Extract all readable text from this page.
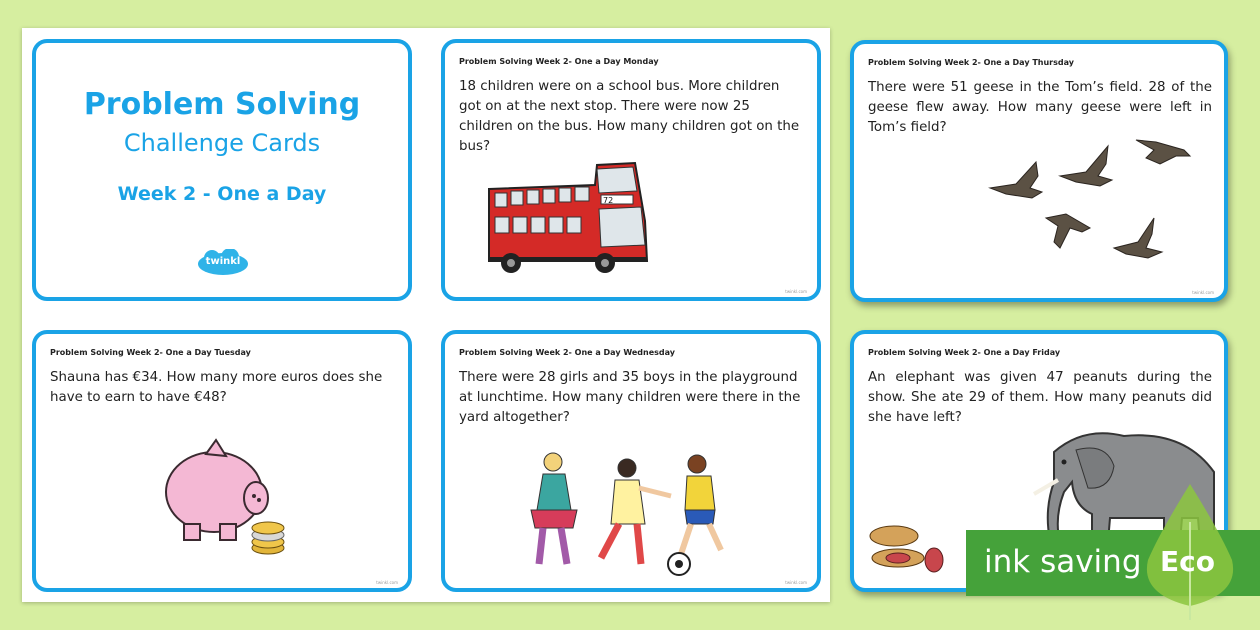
Problem Solving
Challenge Cards
Week 2 - One a Day
twinkl
Problem Solving Week 2- One a Day Monday
18 children were on a school bus. More children got on at the next stop. There were now 25 children on the bus. How many children got on the bus?
72
twinkl.com
Problem Solving Week 2- One a Day Thursday
There were 51 geese in the Tom’s field. 28 of the geese flew away. How many geese were left in Tom’s field?
twinkl.com
Problem Solving Week 2- One a Day Tuesday
Shauna has €34. How many more euros does she have to earn to have €48?
twinkl.com
Problem Solving Week 2- One a Day Wednesday
There were 28 girls and 35 boys in the playground at lunchtime. How many children were there in the yard altogether?
twinkl.com
Problem Solving Week 2- One a Day Friday
An elephant was given 47 peanuts during the show. She ate 29 of them. How many peanuts did she have left?
ink saving Eco
